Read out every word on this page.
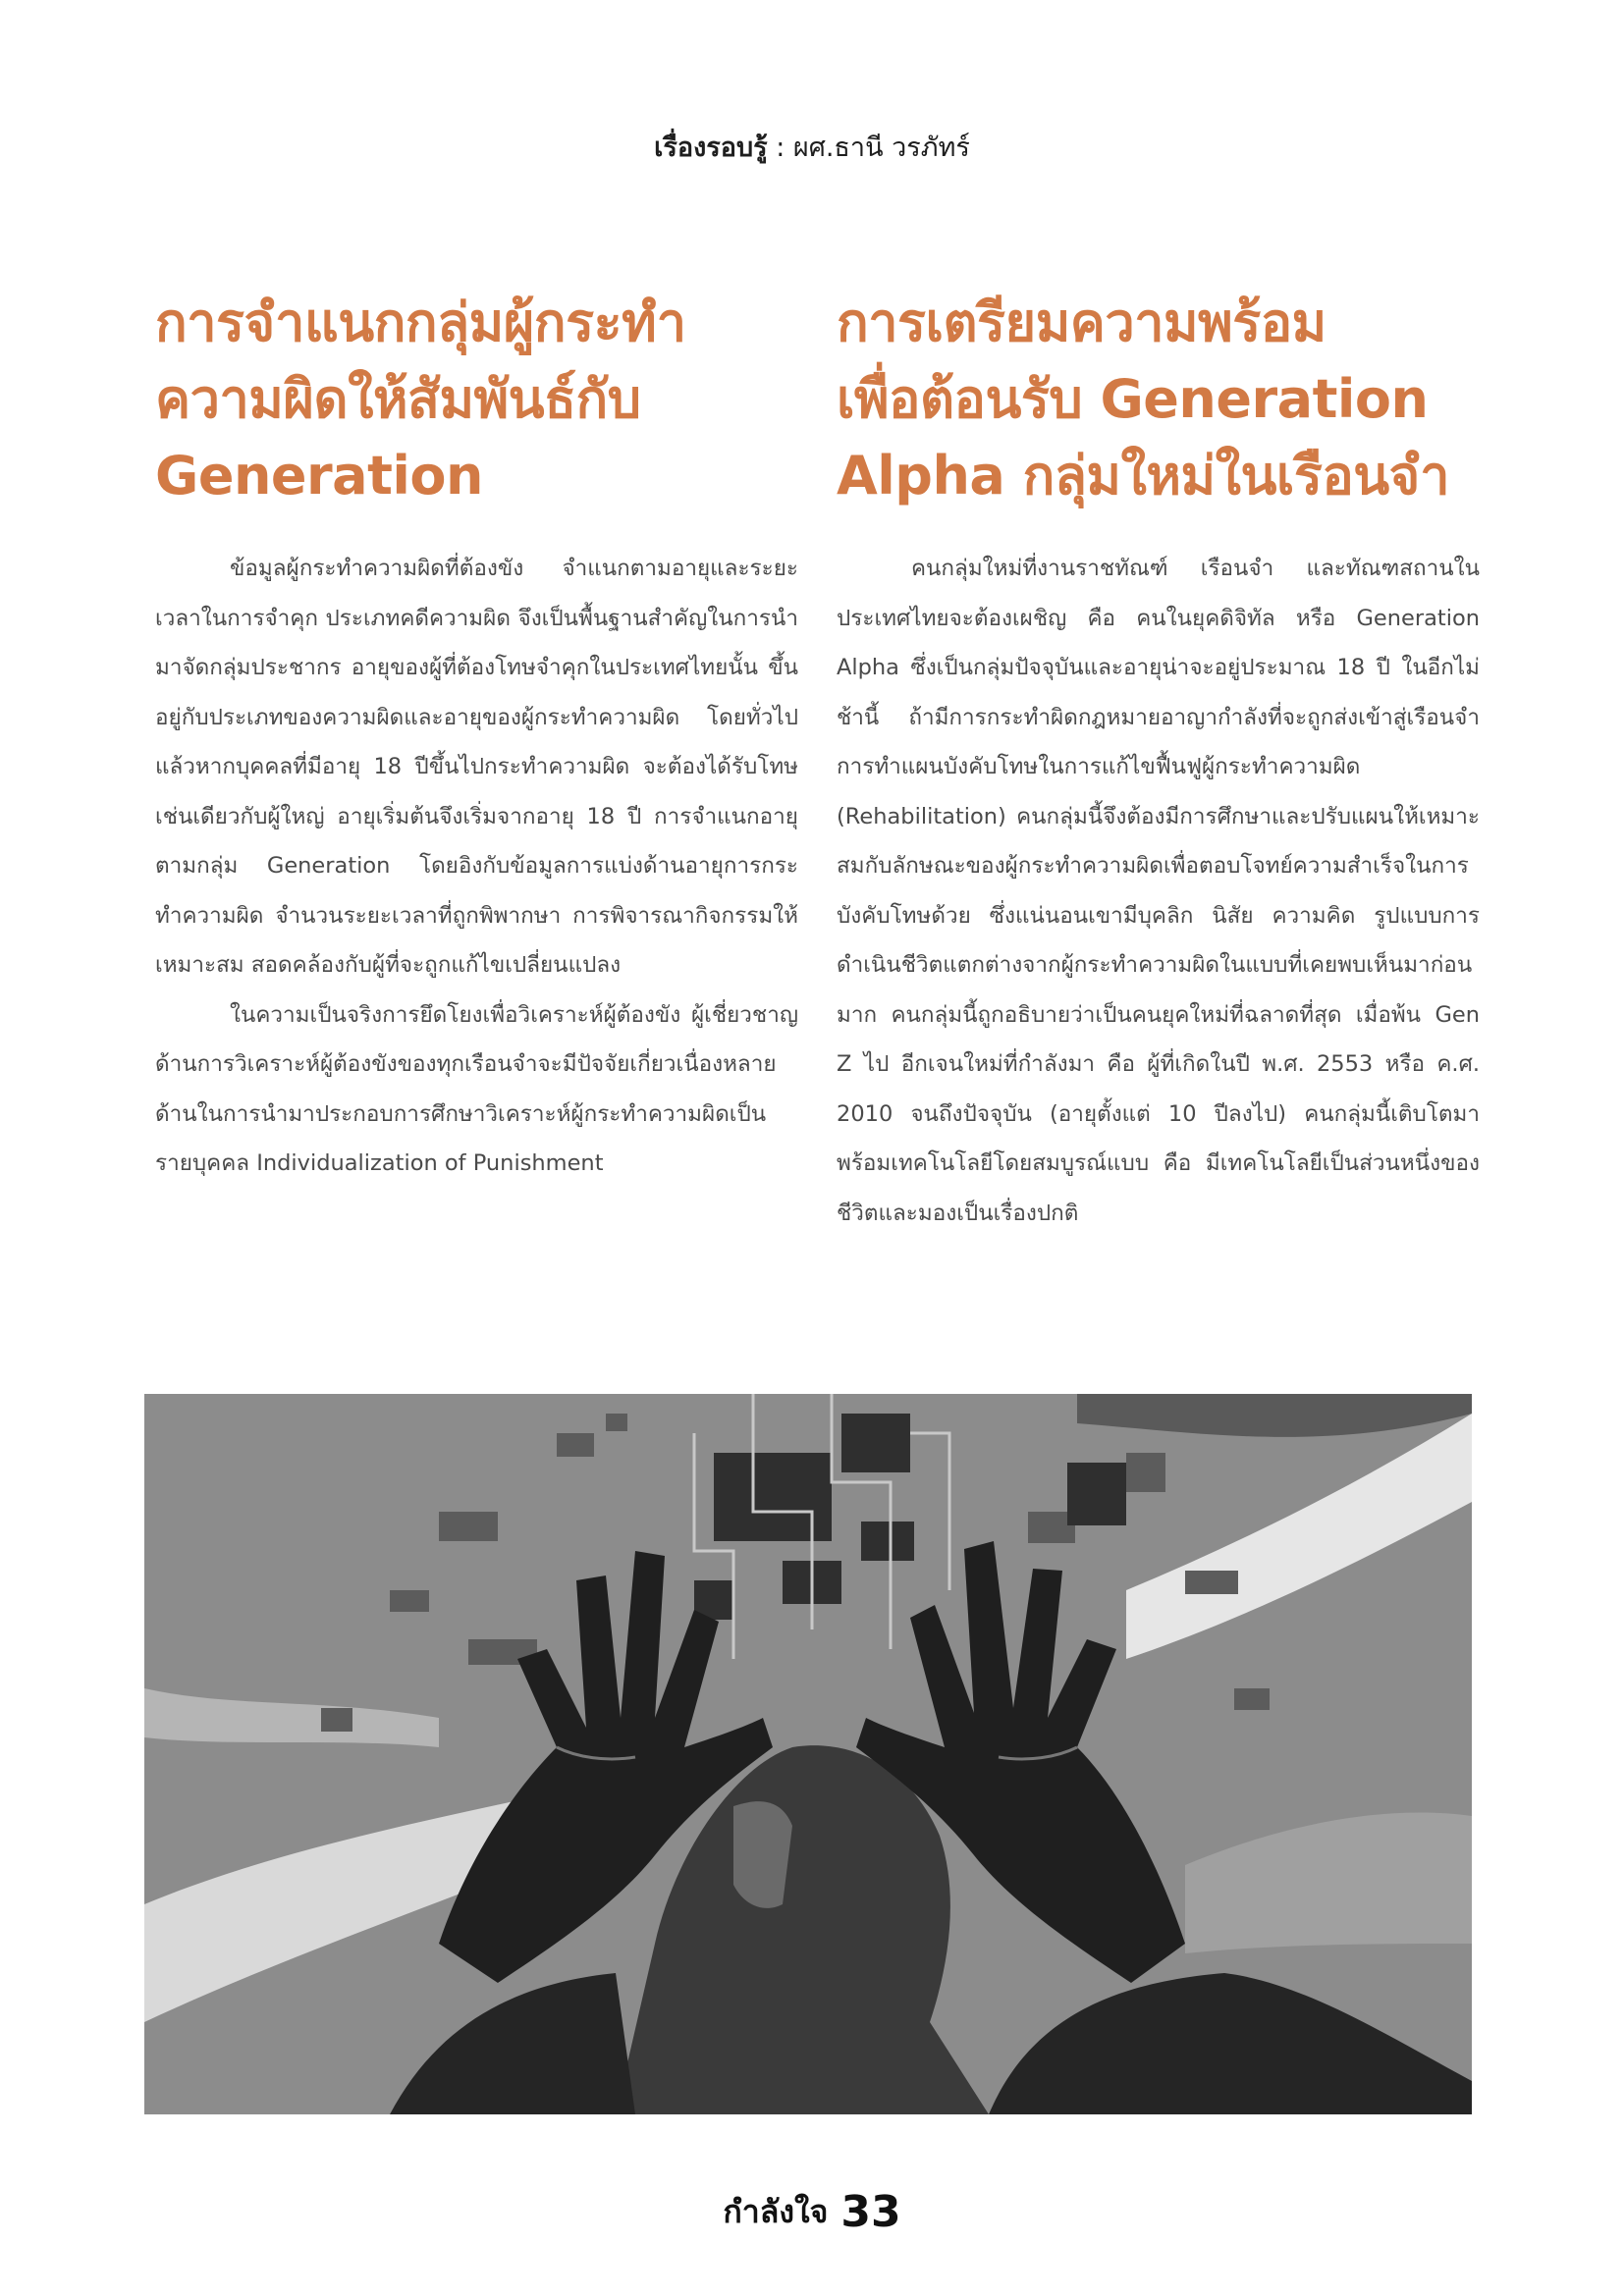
เรื่องรอบรู้ : ผศ.ธานี วรภัทร์
การจำแนกกลุ่มผู้กระทำ
ความผิดให้สัมพันธ์กับ
Generation

ข้อมูลผู้กระทำความผิดที่ต้องขัง จำแนกตามอายุและระยะเวลาในการจำคุก ประเภทคดีความผิด จึงเป็นพื้นฐานสำคัญในการนำมาจัดกลุ่มประชากร อายุของผู้ที่ต้องโทษจำคุกในประเทศไทยนั้น ขึ้นอยู่กับประเภทของความผิดและอายุของผู้กระทำความผิด โดยทั่วไปแล้วหากบุคคลที่มีอายุ 18 ปีขึ้นไปกระทำความผิด จะต้องได้รับโทษเช่นเดียวกับผู้ใหญ่ อายุเริ่มต้นจึงเริ่มจากอายุ 18 ปี การจำแนกอายุตามกลุ่ม Generation โดยอิงกับข้อมูลการแบ่งด้านอายุการกระทำความผิด จำนวนระยะเวลาที่ถูกพิพากษา การพิจารณากิจกรรมให้เหมาะสม สอดคล้องกับผู้ที่จะถูกแก้ไขเปลี่ยนแปลง

ในความเป็นจริงการยึดโยงเพื่อวิเคราะห์ผู้ต้องขัง ผู้เชี่ยวชาญด้านการวิเคราะห์ผู้ต้องขังของทุกเรือนจำจะมีปัจจัยเกี่ยวเนื่องหลายด้านในการนำมาประกอบการศึกษาวิเคราะห์ผู้กระทำความผิดเป็นรายบุคคล Individualization of Punishment

การเตรียมความพร้อม
เพื่อต้อนรับ Generation
Alpha กลุ่มใหม่ในเรือนจำ

คนกลุ่มใหม่ที่งานราชทัณฑ์ เรือนจำ และทัณฑสถานในประเทศไทยจะต้องเผชิญ คือ คนในยุคดิจิทัล หรือ Generation Alpha ซึ่งเป็นกลุ่มปัจจุบันและอายุน่าจะอยู่ประมาณ 18 ปี ในอีกไม่ช้านี้ ถ้ามีการกระทำผิดกฎหมายอาญากำลังที่จะถูกส่งเข้าสู่เรือนจำ การทำแผนบังคับโทษในการแก้ไขฟื้นฟูผู้กระทำความผิด (Rehabilitation) คนกลุ่มนี้จึงต้องมีการศึกษาและปรับแผนให้เหมาะสมกับลักษณะของผู้กระทำความผิดเพื่อตอบโจทย์ความสำเร็จในการบังคับโทษด้วย ซึ่งแน่นอนเขามีบุคลิก นิสัย ความคิด รูปแบบการดำเนินชีวิตแตกต่างจากผู้กระทำความผิดในแบบที่เคยพบเห็นมาก่อนมาก คนกลุ่มนี้ถูกอธิบายว่าเป็นคนยุคใหม่ที่ฉลาดที่สุด เมื่อพ้น Gen Z ไป อีกเจนใหม่ที่กำลังมา คือ ผู้ที่เกิดในปี พ.ศ. 2553 หรือ ค.ศ. 2010 จนถึงปัจจุบัน (อายุตั้งแต่ 10 ปีลงไป) คนกลุ่มนี้เติบโตมาพร้อมเทคโนโลยีโดยสมบูรณ์แบบ คือ มีเทคโนโลยีเป็นส่วนหนึ่งของชีวิตและมองเป็นเรื่องปกติ

กำลังใจ 33
